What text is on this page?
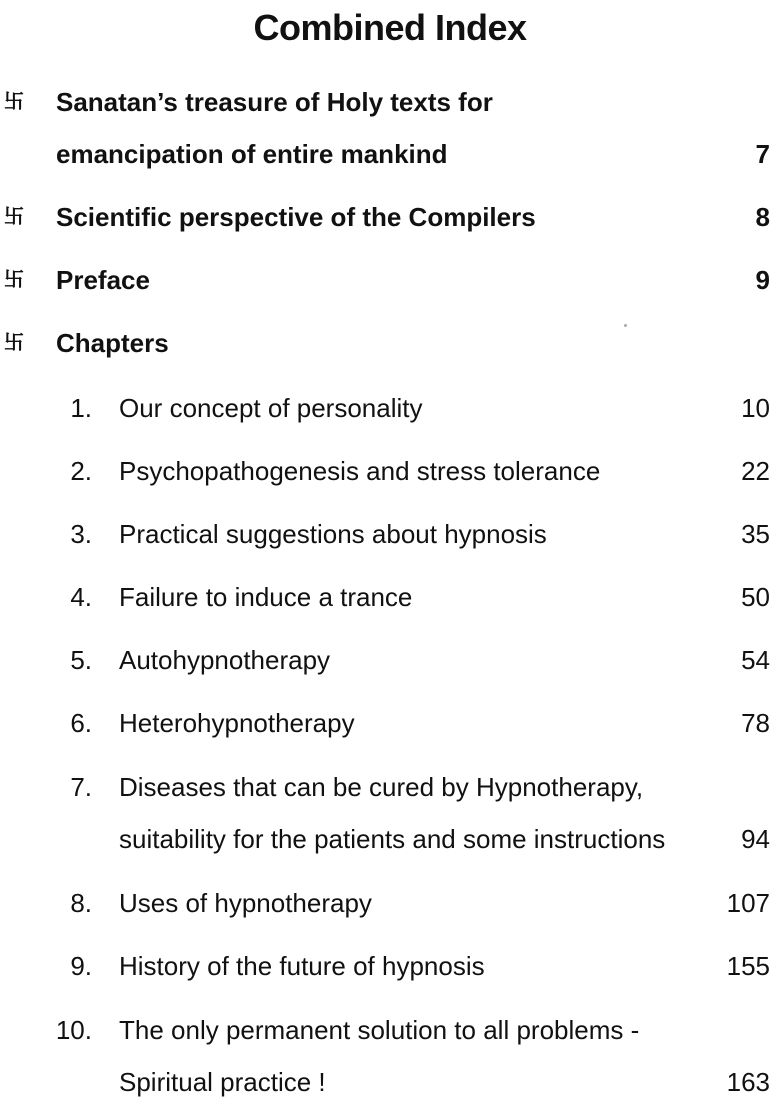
Combined Index
卐 Sanatan’s treasure of Holy texts for
emancipation of entire mankind	7
卐 Scientific perspective of the Compilers	8
卐 Preface	9
卐 Chapters
1. Our concept of personality	10
2. Psychopathogenesis and stress tolerance	22
3. Practical suggestions about hypnosis	35
4. Failure to induce a trance	50
5. Autohypnotherapy	54
6. Heterohypnotherapy	78
7. Diseases that can be cured by Hypnotherapy,
suitability for the patients and some instructions	94
8. Uses of hypnotherapy	107
9. History of the future of hypnosis	155
10. The only permanent solution to all problems -
Spiritual practice !	163
